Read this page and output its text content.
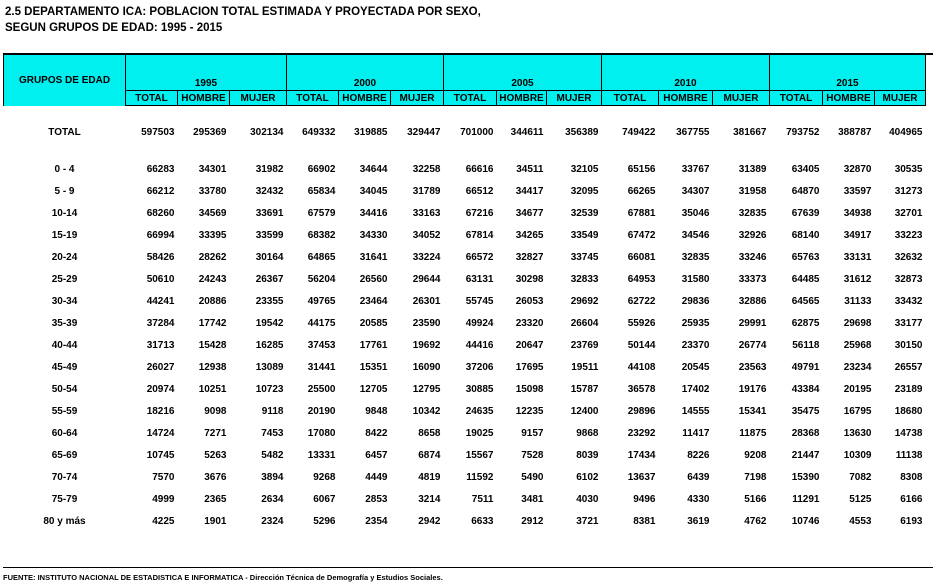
2.5 DEPARTAMENTO ICA: POBLACION TOTAL ESTIMADA Y PROYECTADA POR SEXO,
SEGUN GRUPOS DE EDAD: 1995 - 2015
GRUPOS DE EDAD	1995			2000			2005			2010			2015		
	TOTAL	HOMBRE	MUJER	TOTAL	HOMBRE	MUJER	TOTAL	HOMBRE	MUJER	TOTAL	HOMBRE	MUJER	TOTAL	HOMBRE	MUJER

TOTAL	597503	295369	302134	649332	319885	329447	701000	344611	356389	749422	367755	381667	793752	388787	404965

0 - 4	66283	34301	31982	66902	34644	32258	66616	34511	32105	65156	33767	31389	63405	32870	30535
5 - 9	66212	33780	32432	65834	34045	31789	66512	34417	32095	66265	34307	31958	64870	33597	31273
10-14	68260	34569	33691	67579	34416	33163	67216	34677	32539	67881	35046	32835	67639	34938	32701
15-19	66994	33395	33599	68382	34330	34052	67814	34265	33549	67472	34546	32926	68140	34917	33223
20-24	58426	28262	30164	64865	31641	33224	66572	32827	33745	66081	32835	33246	65763	33131	32632
25-29	50610	24243	26367	56204	26560	29644	63131	30298	32833	64953	31580	33373	64485	31612	32873
30-34	44241	20886	23355	49765	23464	26301	55745	26053	29692	62722	29836	32886	64565	31133	33432
35-39	37284	17742	19542	44175	20585	23590	49924	23320	26604	55926	25935	29991	62875	29698	33177
40-44	31713	15428	16285	37453	17761	19692	44416	20647	23769	50144	23370	26774	56118	25968	30150
45-49	26027	12938	13089	31441	15351	16090	37206	17695	19511	44108	20545	23563	49791	23234	26557
50-54	20974	10251	10723	25500	12705	12795	30885	15098	15787	36578	17402	19176	43384	20195	23189
55-59	18216	9098	9118	20190	9848	10342	24635	12235	12400	29896	14555	15341	35475	16795	18680
60-64	14724	7271	7453	17080	8422	8658	19025	9157	9868	23292	11417	11875	28368	13630	14738
65-69	10745	5263	5482	13331	6457	6874	15567	7528	8039	17434	8226	9208	21447	10309	11138
70-74	7570	3676	3894	9268	4449	4819	11592	5490	6102	13637	6439	7198	15390	7082	8308
75-79	4999	2365	2634	6067	2853	3214	7511	3481	4030	9496	4330	5166	11291	5125	6166
80 y más	4225	1901	2324	5296	2354	2942	6633	2912	3721	8381	3619	4762	10746	4553	6193
FUENTE: INSTITUTO NACIONAL DE ESTADISTICA E INFORMATICA - Dirección Técnica de Demografía y Estudios Sociales.
